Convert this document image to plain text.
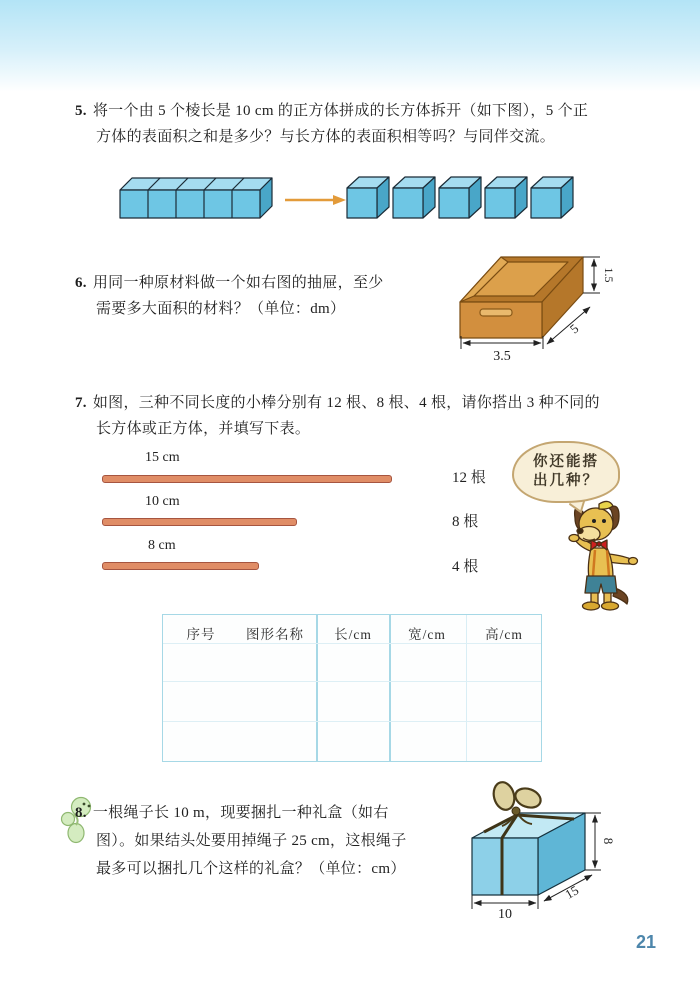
5. 将一个由 5 个棱长是 10 cm 的正方体拼成的长方体拆开（如下图），5 个正
方体的表面积之和是多少？与长方体的表面积相等吗？与同伴交流。
6. 用同一种原材料做一个如右图的抽屉，至少
需要多大面积的材料？（单位：dm）
3.5
5
1.5
7. 如图，三种不同长度的小棒分别有 12 根、8 根、4 根，请你搭出 3 种不同的
长方体或正方体，并填写下表。
15 cm
12 根
10 cm
8 根
8 cm
4 根
你还能搭
出几种？
序号 图形名称 长/cm	宽/cm	高/cm
8. 一根绳子长 10 m，现要捆扎一种礼盒（如右
图）。如果结头处要用掉绳子 25 cm，这根绳子
最多可以捆扎几个这样的礼盒？（单位：cm）
8
15
10
21
